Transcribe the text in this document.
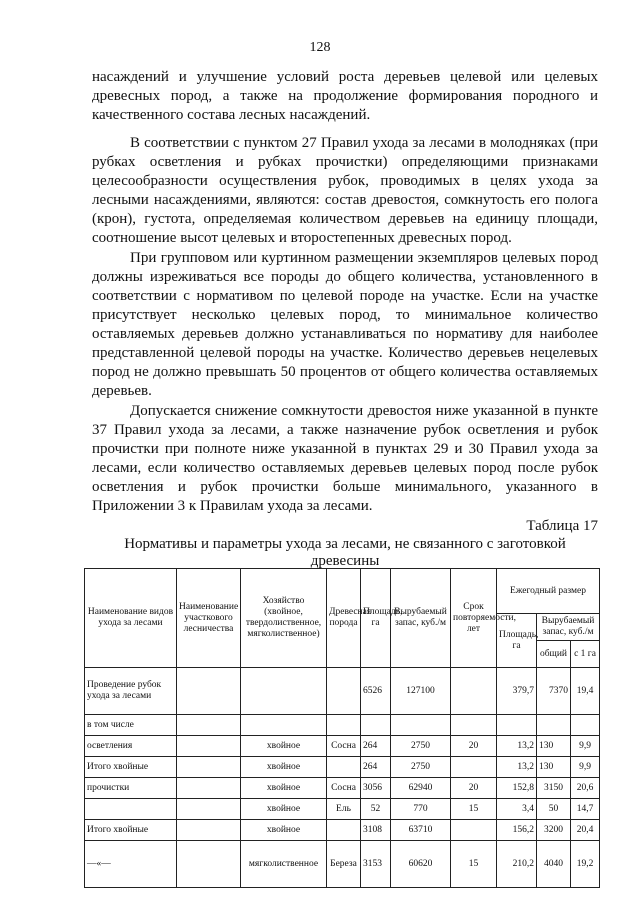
128

насаждений и улучшение условий роста деревьев целевой или целевых древесных пород, а также на продолжение формирования породного и качественного состава лесных насаждений.

В соответствии с пунктом 27 Правил ухода за лесами в молодняках (при рубках осветления и рубках прочистки) определяющими признаками целесообразности осуществления рубок, проводимых в целях ухода за лесными насаждениями, являются: состав древостоя, сомкнутость его полога (крон), густота, определяемая количеством деревьев на единицу площади, соотношение высот целевых и второстепенных древесных пород.

При групповом или куртинном размещении экземпляров целевых пород должны изреживаться все породы до общего количества, установленного в соответствии с нормативом по целевой породе на участке. Если на участке присутствует несколько целевых пород, то минимальное количество оставляемых деревьев должно устанавливаться по нормативу для наиболее представленной целевой породы на участке. Количество деревьев нецелевых пород не должно превышать 50 процентов от общего количества оставляемых деревьев.

Допускается снижение сомкнутости древостоя ниже указанной в пункте 37 Правил ухода за лесами, а также назначение рубок осветления и рубок прочистки при полноте ниже указанной в пунктах 29 и 30 Правил ухода за лесами, если количество оставляемых деревьев целевых пород после рубок осветления и рубок прочистки больше минимального, указанного в Приложении 3 к Правилам ухода за лесами.

Таблица 17

Нормативы и параметры ухода за лесами, не связанного с заготовкой древесины

Наименование видов ухода за лесами	Наименование участкового лесничества	Хозяйство (хвойное, твердолиственное, мягколиственное)	Древесная порода	Площадь, га	Вырубаемый запас, куб./м	Срок повторяемости, лет	Ежегодный размер		
							Площадь, га	Вырубаемый запас, куб./м	
								общий	с 1 га
Проведение рубок ухода за лесами				6526	127100		379,7	7370	19,4
в том числе									
осветления		хвойное	Сосна	264	2750	20	13,2	130	9,9
Итого хвойные		хвойное		264	2750		13,2	130	9,9
прочистки		хвойное	Сосна	3056	62940	20	152,8	3150	20,6
		хвойное	Ель	52	770	15	3,4	50	14,7
Итого хвойные		хвойное		3108	63710		156,2	3200	20,4
—«—		мягколиственное	Береза	3153	60620	15	210,2	4040	19,2
